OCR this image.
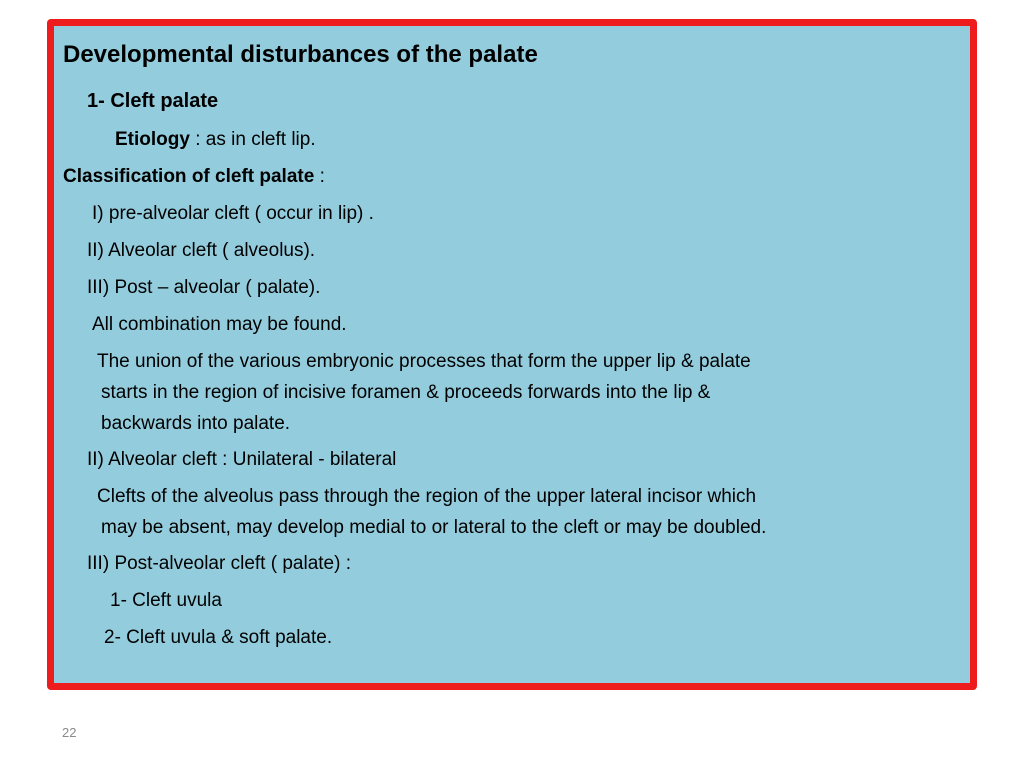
Developmental disturbances of the palate
1- Cleft palate
Etiology : as in cleft lip.
Classification of cleft palate :
I) pre-alveolar cleft ( occur in lip) .
II) Alveolar cleft ( alveolus).
III) Post – alveolar ( palate).
All combination may be found.
The union of the various embryonic processes that form the upper lip & palate
starts in the region of incisive foramen & proceeds forwards into the lip &
backwards into palate.
II) Alveolar cleft : Unilateral - bilateral
Clefts of the alveolus pass through the region of the upper lateral incisor which
may be absent, may develop medial to or lateral to the cleft or may be doubled.
III) Post-alveolar cleft ( palate) :
1- Cleft uvula
2- Cleft uvula & soft palate.
22
